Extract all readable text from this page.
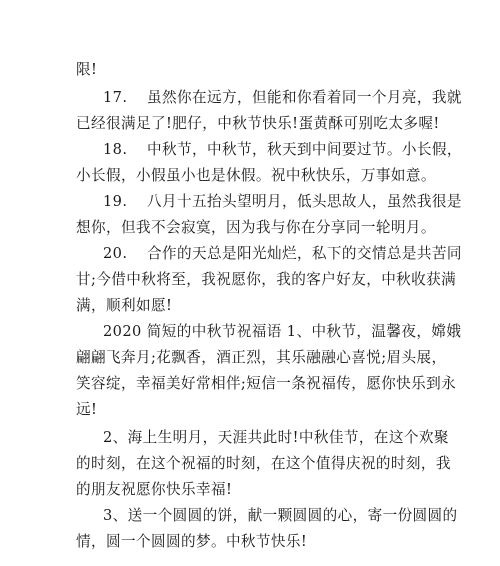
限!
17. 虽然你在远方，但能和你看着同一个月亮，我就
已经很满足了!肥仔，中秋节快乐!蛋黄酥可别吃太多喔!
18. 中秋节，中秋节，秋天到中间要过节。小长假，
小长假，小假虽小也是休假。祝中秋快乐，万事如意。
19. 八月十五抬头望明月，低头思故人，虽然我很是
想你，但我不会寂寞，因为我与你在分享同一轮明月。
20. 合作的天总是阳光灿烂，私下的交情总是共苦同
甘;今借中秋将至，我祝愿你，我的客户好友，中秋收获满
满，顺利如愿!
2020 简短的中秋节祝福语 1、中秋节，温馨夜，嫦娥
翩翩飞奔月;花飘香，酒正烈，其乐融融心喜悦;眉头展，
笑容绽，幸福美好常相伴;短信一条祝福传，愿你快乐到永
远!
2、海上生明月，天涯共此时!中秋佳节，在这个欢聚
的时刻，在这个祝福的时刻，在这个值得庆祝的时刻，我
的朋友祝愿你快乐幸福!
3、送一个圆圆的饼，献一颗圆圆的心，寄一份圆圆的
情，圆一个圆圆的梦。中秋节快乐!
